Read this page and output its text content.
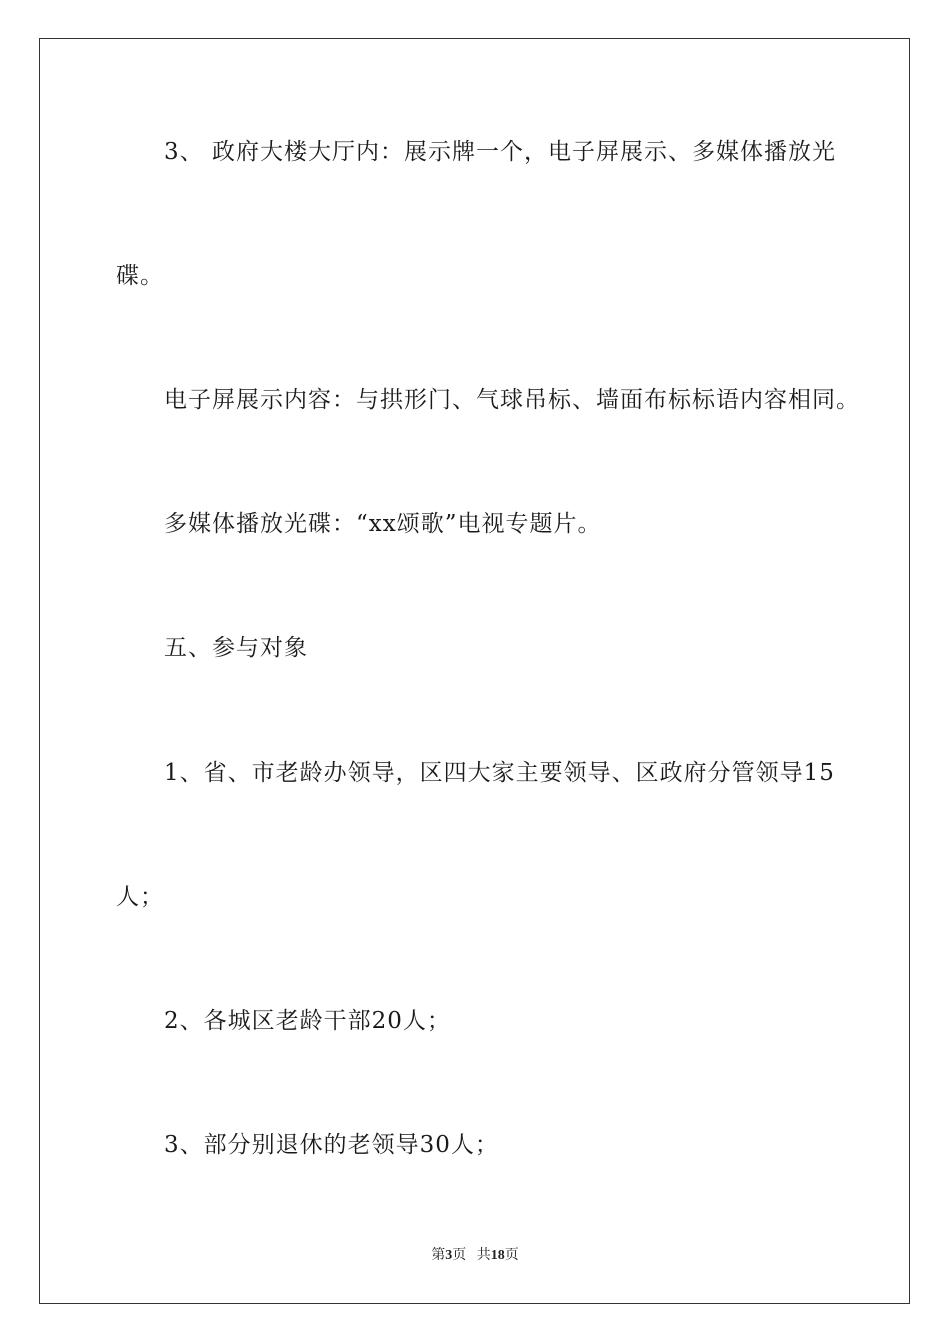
3、 政府大楼大厅内：展示牌一个，电子屏展示、多媒体播放光
碟。
电子屏展示内容：与拱形门、气球吊标、墙面布标标语内容相同。
多媒体播放光碟：“xx颂歌”电视专题片。
五、参与对象
1、省、市老龄办领导，区四大家主要领导、区政府分管领导15
人；
2、各城区老龄干部20人；
3、部分别退休的老领导30人；
第3页 共18页
